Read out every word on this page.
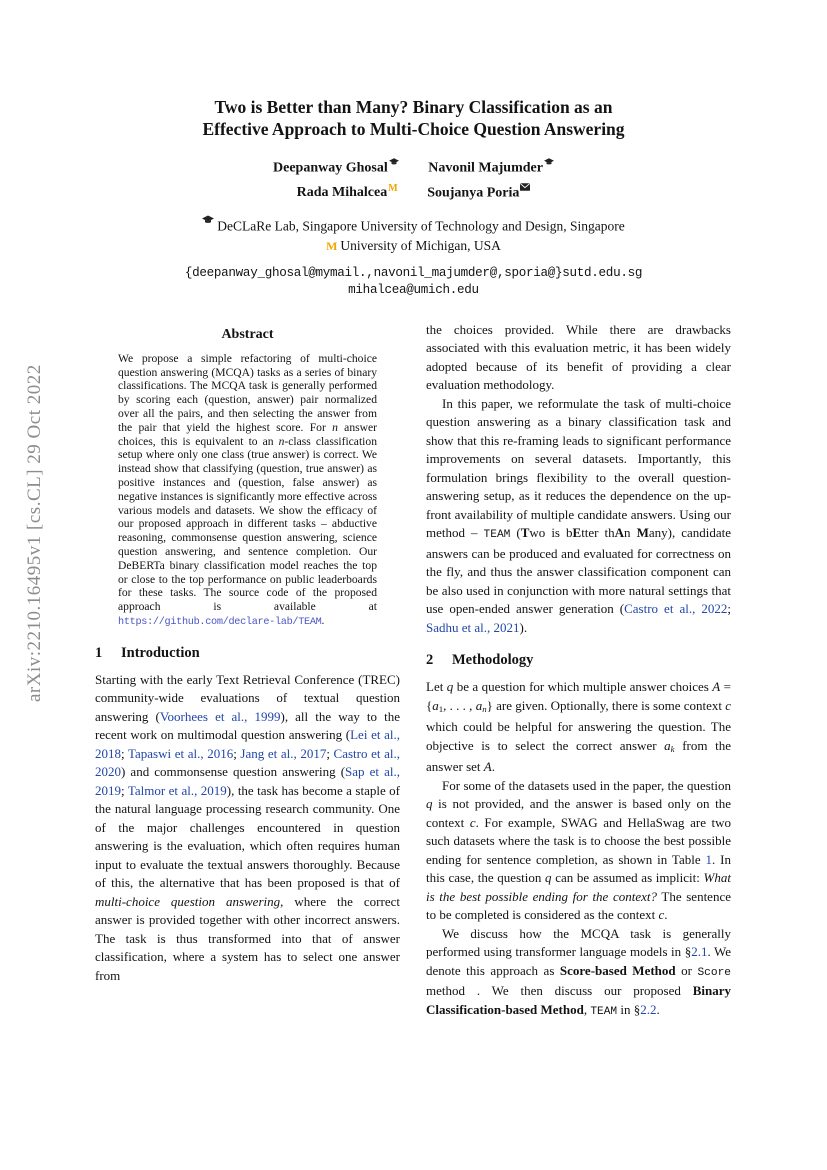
arXiv:2210.16495v1 [cs.CL] 29 Oct 2022
Two is Better than Many? Binary Classification as an
Effective Approach to Multi-Choice Question Answering
Deepanway Ghosal	Navonil Majumder
Rada Mihalcea$^M$ Soujanya Poria
DeCLaRe Lab, Singapore University of Technology and Design, Singapore
M University of Michigan, USA
{deepanway_ghosal@mymail.,navonil_majumder@,sporia@}sutd.edu.sg
mihalcea@umich.edu
Abstract

We propose a simple refactoring of multi-choice question answering (MCQA) tasks as a series of binary classifications. The MCQA task is generally performed by scoring each (question, answer) pair normalized over all the pairs, and then selecting the answer from the pair that yield the highest score. For n answer choices, this is equivalent to an n-class classification setup where only one class (true answer) is correct. We instead show that classifying (question, true answer) as positive instances and (question, false answer) as negative instances is significantly more effective across various models and datasets. We show the efficacy of our proposed approach in different tasks – abductive reasoning, commonsense question answering, science question answering, and sentence completion. Our DeBERTa binary classification model reaches the top or close to the top performance on public leaderboards for these tasks. The source code of the proposed approach is available at https://github.com/declare-lab/TEAM.

1 Introduction

Starting with the early Text Retrieval Conference (TREC) community-wide evaluations of textual question answering (Voorhees et al., 1999), all the way to the recent work on multimodal question answering (Lei et al., 2018; Tapaswi et al., 2016; Jang et al., 2017; Castro et al., 2020) and commonsense question answering (Sap et al., 2019; Talmor et al., 2019), the task has become a staple of the natural language processing research community. One of the major challenges encountered in question answering is the evaluation, which often requires human input to evaluate the textual answers thoroughly. Because of this, the alternative that has been proposed is that of multi-choice question answering, where the correct answer is provided together with other incorrect answers. The task is thus transformed into that of answer classification, where a system has to select one answer from

the choices provided. While there are drawbacks associated with this evaluation metric, it has been widely adopted because of its benefit of providing a clear evaluation methodology.

In this paper, we reformulate the task of multi-choice question answering as a binary classification task and show that this re-framing leads to significant performance improvements on several datasets. Importantly, this formulation brings flexibility to the overall question-answering setup, as it reduces the dependence on the up-front availability of multiple candidate answers. Using our method – TEAM (Two is bEtter thAn Many), candidate answers can be produced and evaluated for correctness on the fly, and thus the answer classification component can be also used in conjunction with more natural settings that use open-ended answer generation (Castro et al., 2022; Sadhu et al., 2021).

2 Methodology

Let q be a question for which multiple answer choices $A = \{a_1$, . . . , an} are given. Optionally, there is some context c which could be helpful for answering the question. The objective is to select the correct answer ak from the answer set A.

For some of the datasets used in the paper, the question q is not provided, and the answer is based only on the context c. For example, SWAG and HellaSwag are two such datasets where the task is to choose the best possible ending for sentence completion, as shown in Table 1. In this case, the question q can be assumed as implicit: What is the best possible ending for the context? The sentence to be completed is considered as the context c.

We discuss how the MCQA task is generally performed using transformer language models in §2.1. We denote this approach as Score-based Method or Score method . We then discuss our proposed Binary Classification-based Method, TEAM in §2.2.
